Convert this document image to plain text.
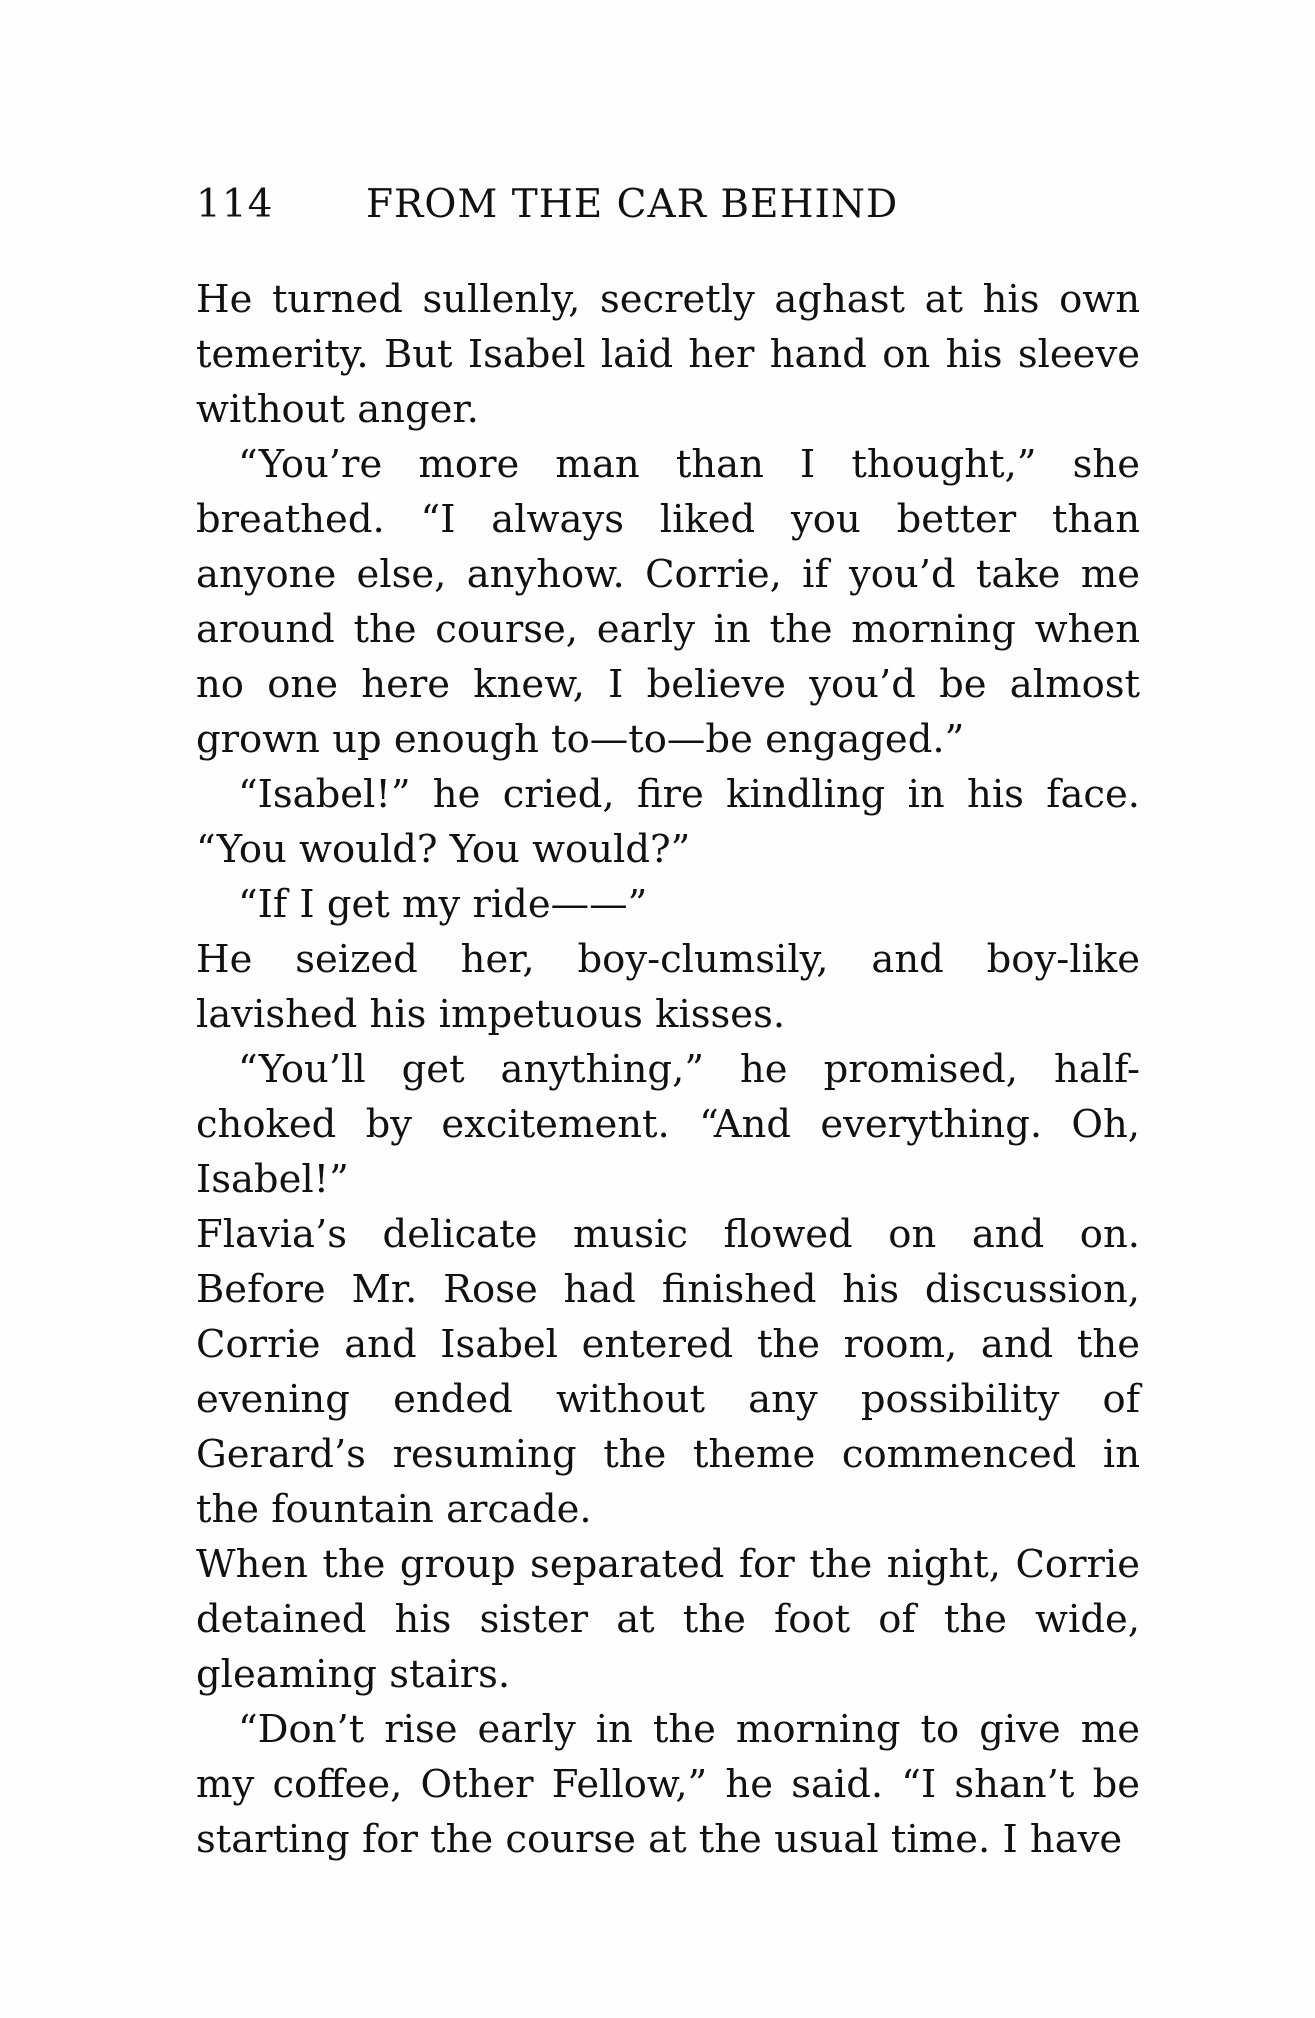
114 FROM THE CAR BEHIND

He turned sullenly, secretly aghast at his own temerity. But Isabel laid her hand on his sleeve without anger.

“You’re more man than I thought,” she breathed. “I always liked you better than anyone else, anyhow. Corrie, if you’d take me around the course, early in the morning when no one here knew, I believe you’d be almost grown up enough to—to—be engaged.”

“Isabel!” he cried, fire kindling in his face. “You would? You would?”

“If I get my ride——”

He seized her, boy-clumsily, and boy-like lavished his impetuous kisses.

“You’ll get anything,” he promised, half-choked by excitement. “And everything. Oh, Isabel!”

Flavia’s delicate music flowed on and on. Before Mr. Rose had finished his discussion, Corrie and Isabel entered the room, and the evening ended without any possibility of Gerard’s resuming the theme commenced in the fountain arcade.

When the group separated for the night, Corrie detained his sister at the foot of the wide, gleaming stairs.

“Don’t rise early in the morning to give me my coffee, Other Fellow,” he said. “I shan’t be starting for the course at the usual time. I have
